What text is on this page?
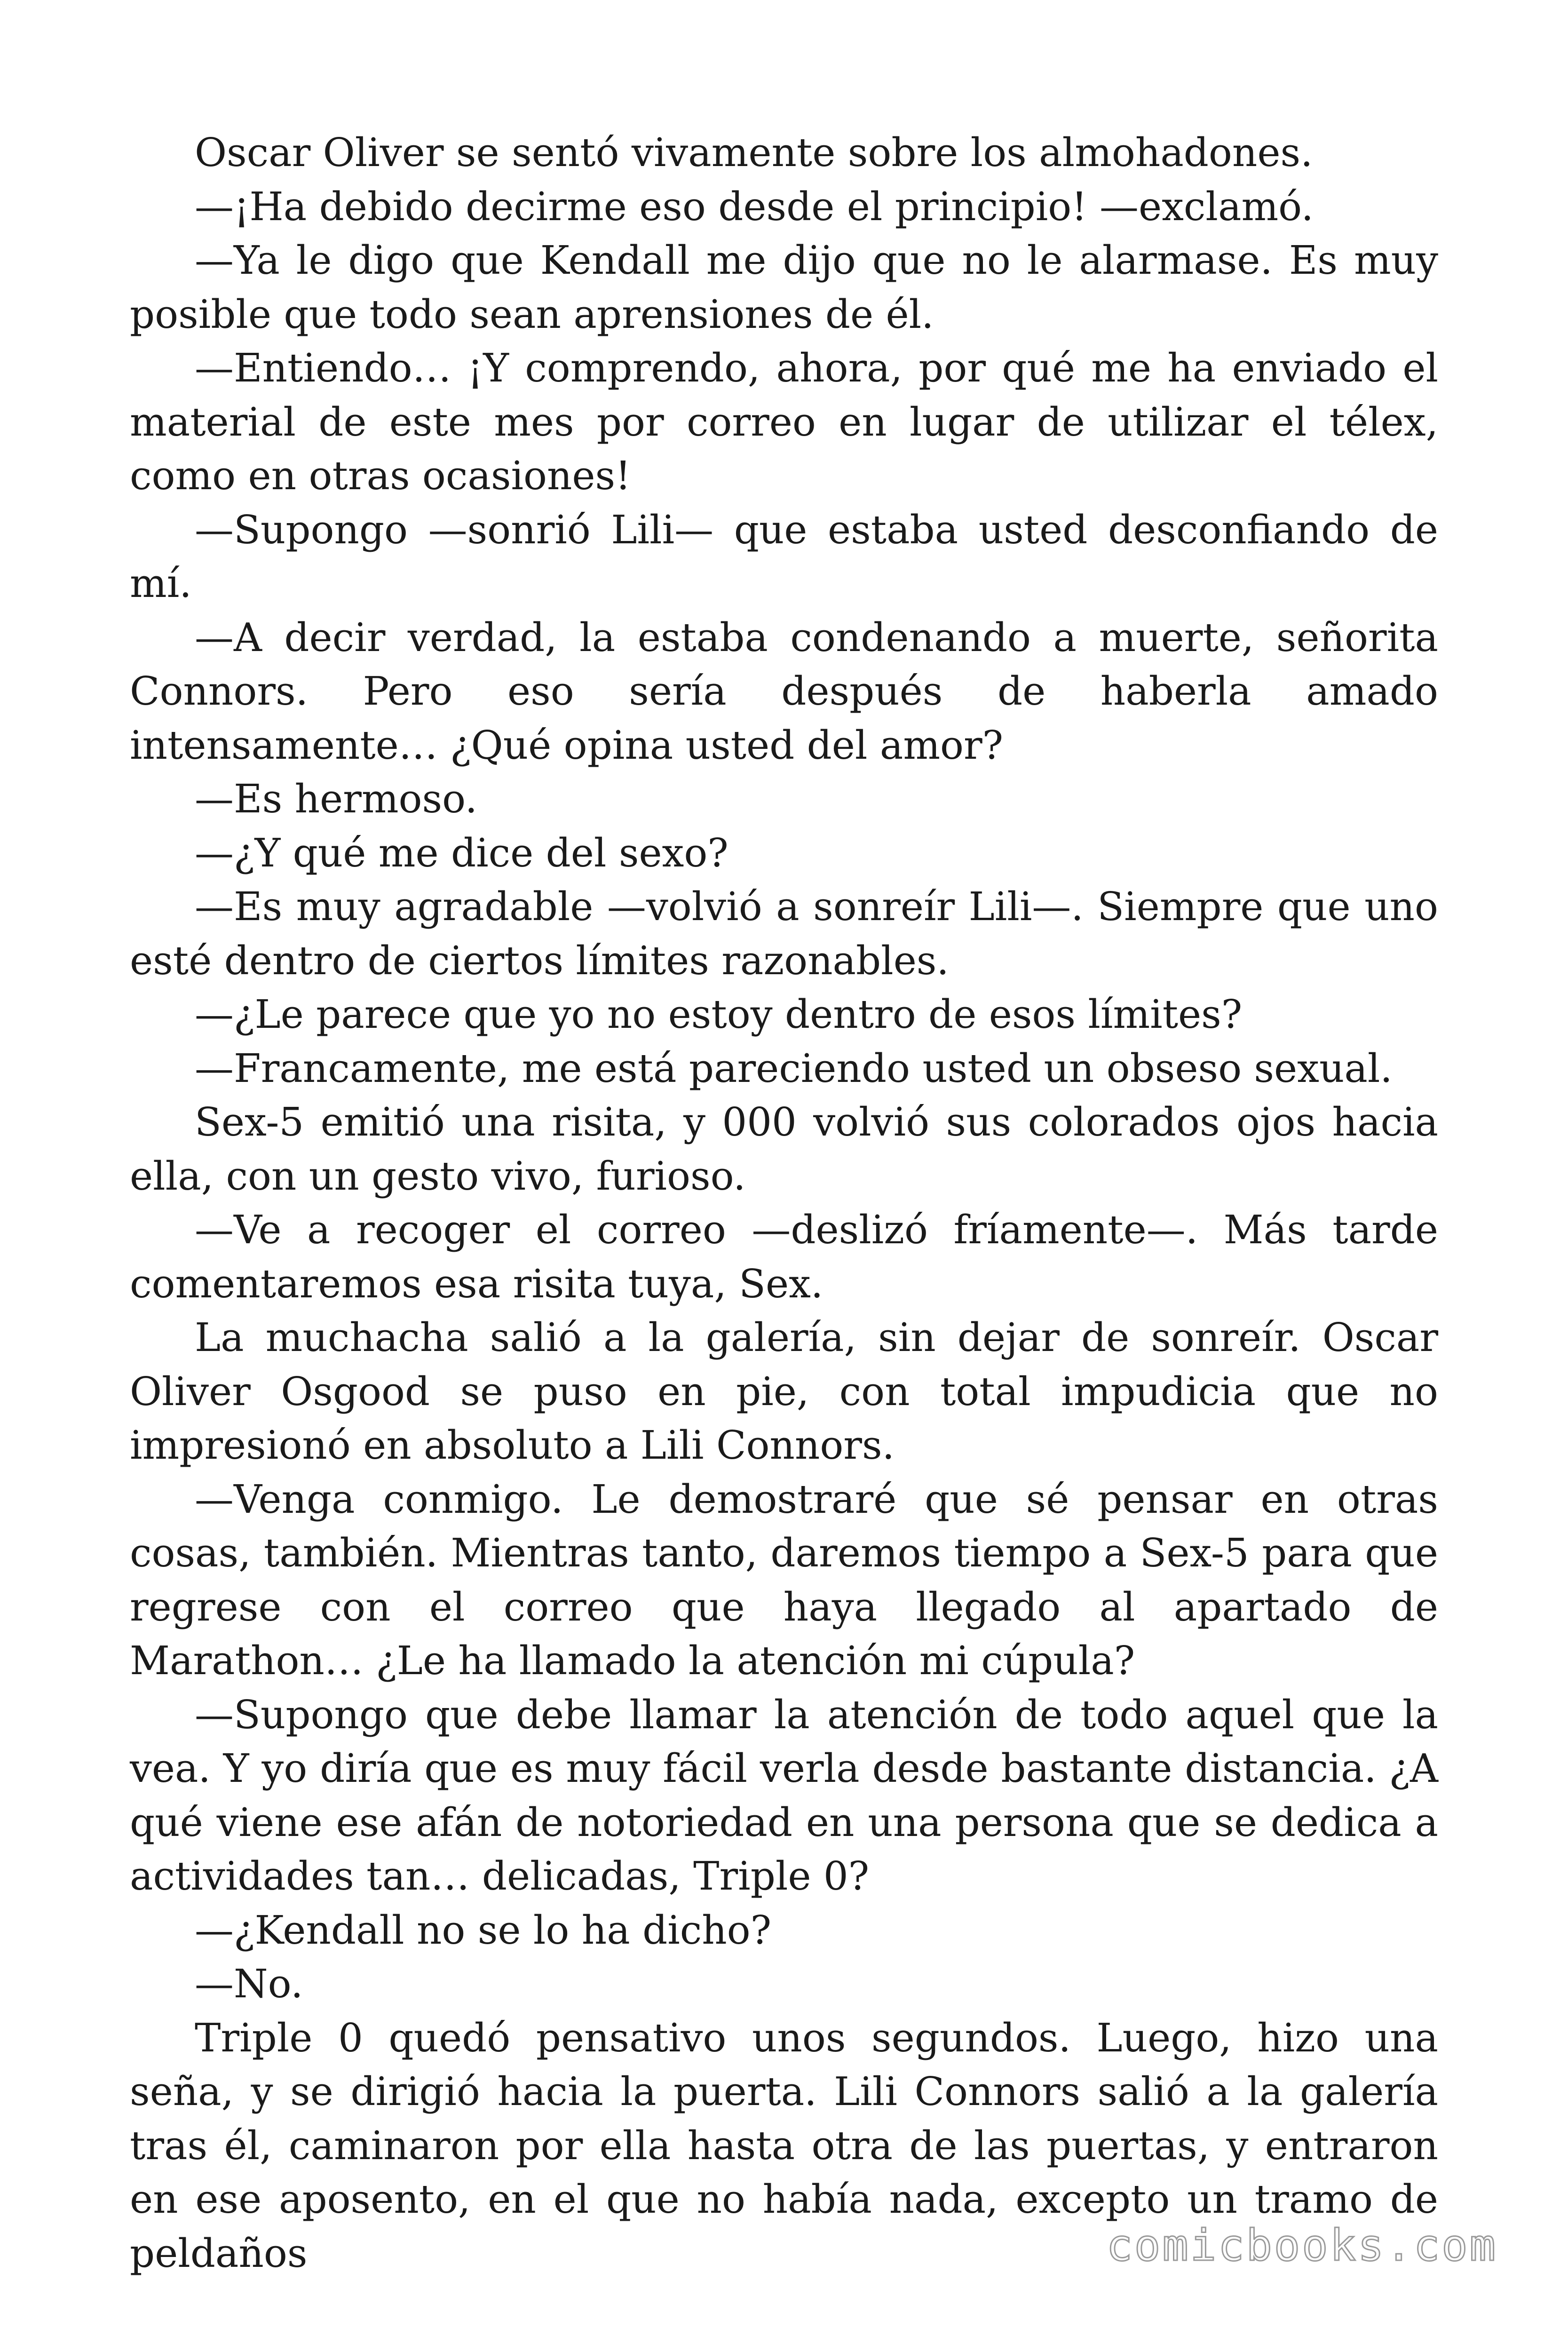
Oscar Oliver se sentó vivamente sobre los almohadones.

—¡Ha debido decirme eso desde el principio! —exclamó.

—Ya le digo que Kendall me dijo que no le alarmase. Es muy posible que todo sean aprensiones de él.

—Entiendo… ¡Y comprendo, ahora, por qué me ha enviado el material de este mes por correo en lugar de utilizar el télex, como en otras ocasiones!

—Supongo —sonrió Lili— que estaba usted desconfiando de mí.

—A decir verdad, la estaba condenando a muerte, señorita Connors. Pero eso sería después de haberla amado intensamente… ¿Qué opina usted del amor?

—Es hermoso.

—¿Y qué me dice del sexo?

—Es muy agradable —volvió a sonreír Lili—. Siempre que uno esté dentro de ciertos límites razonables.

—¿Le parece que yo no estoy dentro de esos límites?

—Francamente, me está pareciendo usted un obseso sexual.

Sex-5 emitió una risita, y 000 volvió sus colorados ojos hacia ella, con un gesto vivo, furioso.

—Ve a recoger el correo —deslizó fríamente—. Más tarde comentaremos esa risita tuya, Sex.

La muchacha salió a la galería, sin dejar de sonreír. Oscar Oliver Osgood se puso en pie, con total impudicia que no impresionó en absoluto a Lili Connors.

—Venga conmigo. Le demostraré que sé pensar en otras cosas, también. Mientras tanto, daremos tiempo a Sex-5 para que regrese con el correo que haya llegado al apartado de Marathon… ¿Le ha llamado la atención mi cúpula?

—Supongo que debe llamar la atención de todo aquel que la vea. Y yo diría que es muy fácil verla desde bastante distancia. ¿A qué viene ese afán de notoriedad en una persona que se dedica a actividades tan… delicadas, Triple 0?

—¿Kendall no se lo ha dicho?

—No.

Triple 0 quedó pensativo unos segundos. Luego, hizo una seña, y se dirigió hacia la puerta. Lili Connors salió a la galería tras él, caminaron por ella hasta otra de las puertas, y entraron en ese aposento, en el que no había nada, excepto un tramo de peldaños	comicbooks.com
